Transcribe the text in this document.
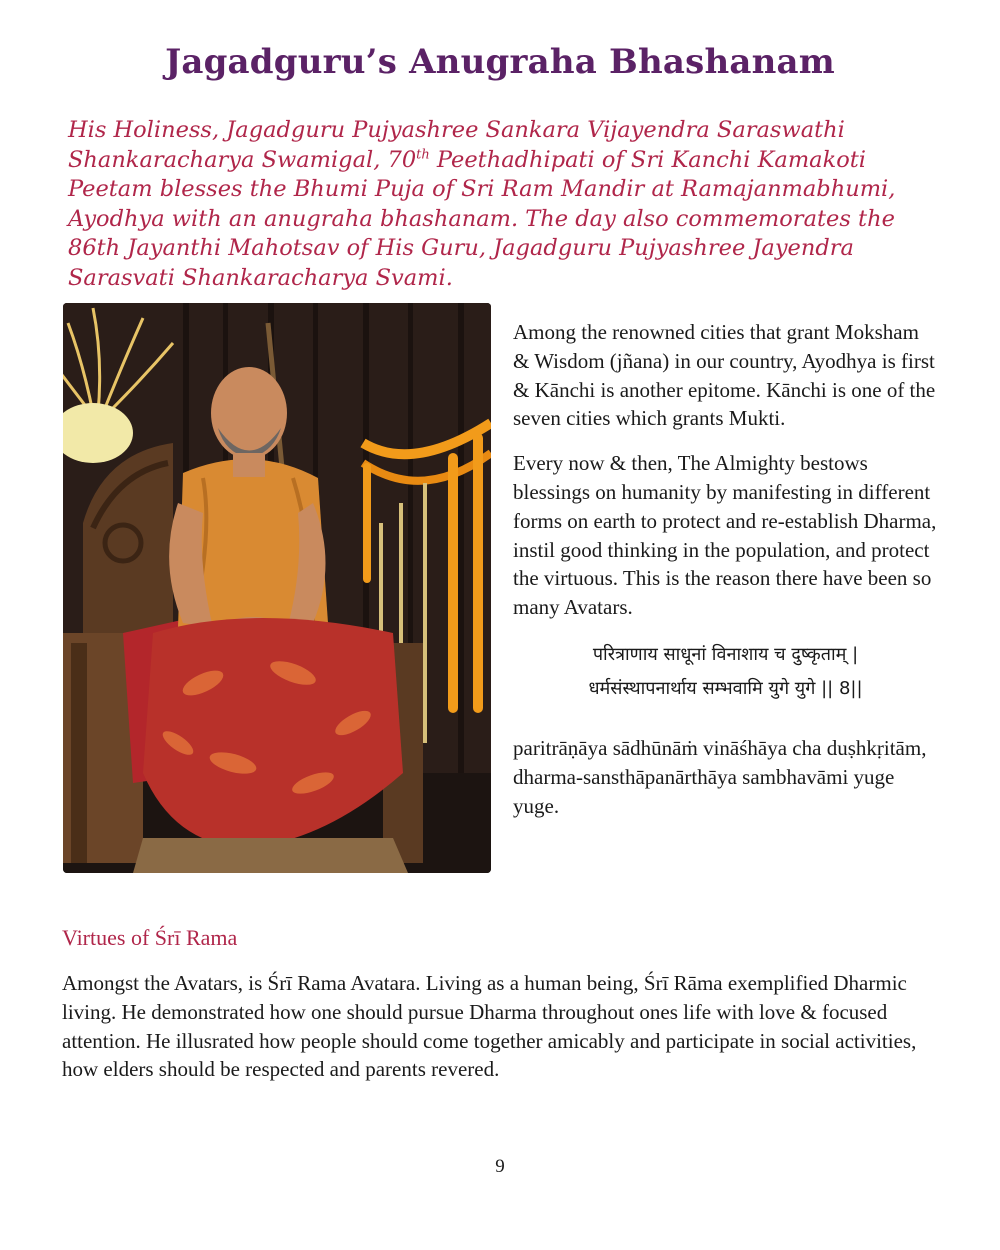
Jagadguru’s Anugraha Bhashanam

His Holiness, Jagadguru Pujyashree Sankara Vijayendra Saraswathi Shankaracharya Swamigal, 70th Peethadhipati of Sri Kanchi Kamakoti Peetam blesses the Bhumi Puja of Sri Ram Mandir at Ramajanmabhumi, Ayodhya with an anugraha bhashanam. The day also commemorates the 86th Jayanthi Mahotsav of His Guru, Jagadguru Pujyashree Jayendra Sarasvati Shankaracharya Svami.

Among the renowned cities that grant Moksham & Wisdom (jñana) in our country, Ayodhya is first & Kānchi is another epitome. Kānchi is one of the seven cities which grants Mukti.

Every now & then, The Almighty bestows blessings on humanity by manifesting in different forms on earth to protect and re-establish Dharma, instil good thinking in the population, and protect the virtuous. This is the reason there have been so many Avatars.

परित्राणाय साधूनां विनाशाय च दुष्कृताम् |
धर्मसंस्थापनार्थाय सम्भवामि युगे युगे || 8||
paritrāṇāya sādhūnāṁ vināśhāya cha duṣhkṛitām,
dharma-sansthāpanārthāya sambhavāmi yuge yuge.
Virtues of Śrī Rama

Amongst the Avatars, is Śrī Rama Avatara. Living as a human being, Śrī Rāma exemplified Dharmic living. He demonstrated how one should pursue Dharma throughout ones life with love & focused attention. He illusrated how people should come together amicably and participate in social activities, how elders should be respected and parents revered.

9
